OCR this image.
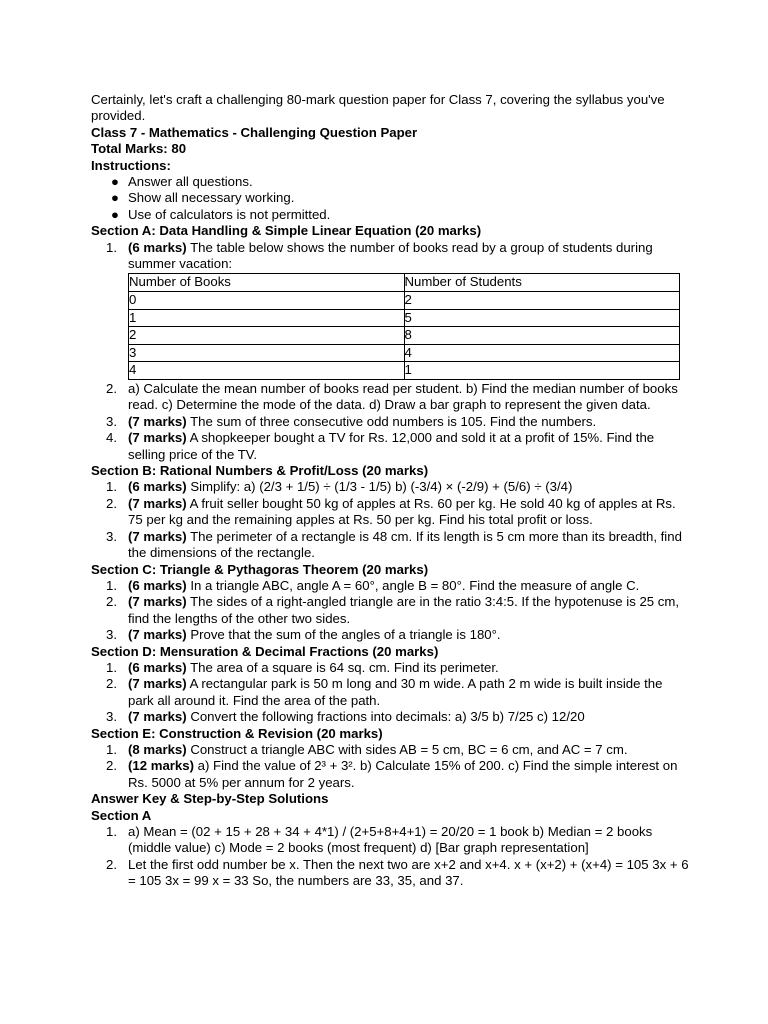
Certainly, let's craft a challenging 80-mark question paper for Class 7, covering the syllabus you've provided.

Class 7 - Mathematics - Challenging Question Paper

Total Marks: 80

Instructions:

● Answer all questions.
● Show all necessary working.
● Use of calculators is not permitted.

Section A: Data Handling & Simple Linear Equation (20 marks)

1. (6 marks) The table below shows the number of books read by a group of students during summer vacation:
Number of Books	Number of Students
0	2
1	5
2	8
3	4
4	1
2. a) Calculate the mean number of books read per student. b) Find the median number of books read. c) Determine the mode of the data. d) Draw a bar graph to represent the given data.
3. (7 marks) The sum of three consecutive odd numbers is 105. Find the numbers.
4. (7 marks) A shopkeeper bought a TV for Rs. 12,000 and sold it at a profit of 15%. Find the selling price of the TV.

Section B: Rational Numbers & Profit/Loss (20 marks)

1. (6 marks) Simplify: a) (2/3 + 1/5) ÷ (1/3 - 1/5) b) (-3/4) × (-2/9) + (5/6) ÷ (3/4)
2. (7 marks) A fruit seller bought 50 kg of apples at Rs. 60 per kg. He sold 40 kg of apples at Rs. 75 per kg and the remaining apples at Rs. 50 per kg. Find his total profit or loss.
3. (7 marks) The perimeter of a rectangle is 48 cm. If its length is 5 cm more than its breadth, find the dimensions of the rectangle.

Section C: Triangle & Pythagoras Theorem (20 marks)

1. (6 marks) In a triangle ABC, angle A = 60°, angle B = 80°. Find the measure of angle C.
2. (7 marks) The sides of a right-angled triangle are in the ratio 3:4:5. If the hypotenuse is 25 cm, find the lengths of the other two sides.
3. (7 marks) Prove that the sum of the angles of a triangle is 180°.

Section D: Mensuration & Decimal Fractions (20 marks)

1. (6 marks) The area of a square is 64 sq. cm. Find its perimeter.
2. (7 marks) A rectangular park is 50 m long and 30 m wide. A path 2 m wide is built inside the park all around it. Find the area of the path.
3. (7 marks) Convert the following fractions into decimals: a) 3/5 b) 7/25 c) 12/20

Section E: Construction & Revision (20 marks)

1. (8 marks) Construct a triangle ABC with sides AB = 5 cm, BC = 6 cm, and AC = 7 cm.
2. (12 marks) a) Find the value of 2³ + 3². b) Calculate 15% of 200. c) Find the simple interest on Rs. 5000 at 5% per annum for 2 years.

Answer Key & Step-by-Step Solutions

Section A

1. a) Mean = (02 + 15 + 28 + 34 + 4*1) / (2+5+8+4+1) = 20/20 = 1 book b) Median = 2 books (middle value) c) Mode = 2 books (most frequent) d) [Bar graph representation]
2. Let the first odd number be x. Then the next two are x+2 and x+4. x + (x+2) + (x+4) = 105 3x + 6 = 105 3x = 99 x = 33 So, the numbers are 33, 35, and 37.
